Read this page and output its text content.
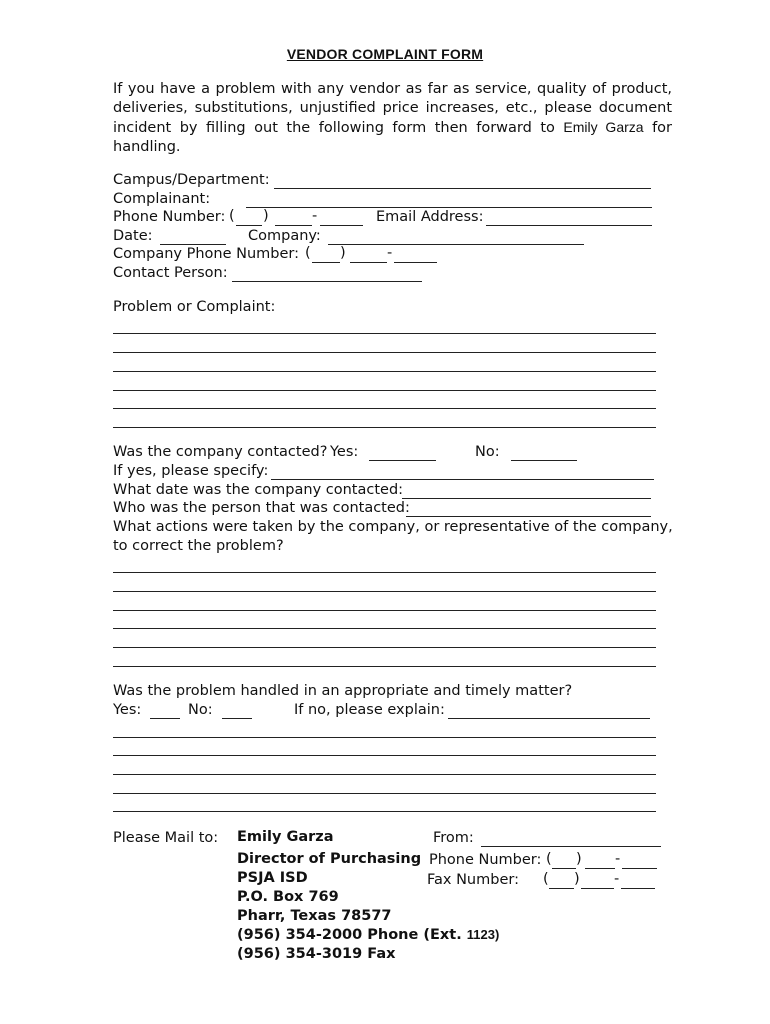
VENDOR COMPLAINT FORM
If you have a problem with any vendor as far as service, quality of product, deliveries, substitutions, unjustified price increases, etc., please document incident by filling out the following form then forward to Emily Garza for handling.
Campus/Department:
Complainant:
Phone Number: ( )	-	Email Address:
Date:	Company:
Company Phone Number: ( )	-
Contact Person:
Problem or Complaint:
Was the company contacted? Yes:	No:
If yes, please specify:
What date was the company contacted:
Who was the person that was contacted:
What actions were taken by the company, or representative of the company,
to correct the problem?
Was the problem handled in an appropriate and timely matter?
Yes:	No:	If no, please explain:
Please Mail to: Emily Garza
Director of Purchasing
PSJA ISD
P.O. Box 769
Pharr, Texas 78577
(956) 354-2000 Phone (Ext. 1123)
(956) 354-3019 Fax
From:
Phone Number: ( ) -
Fax Number: ( ) -
